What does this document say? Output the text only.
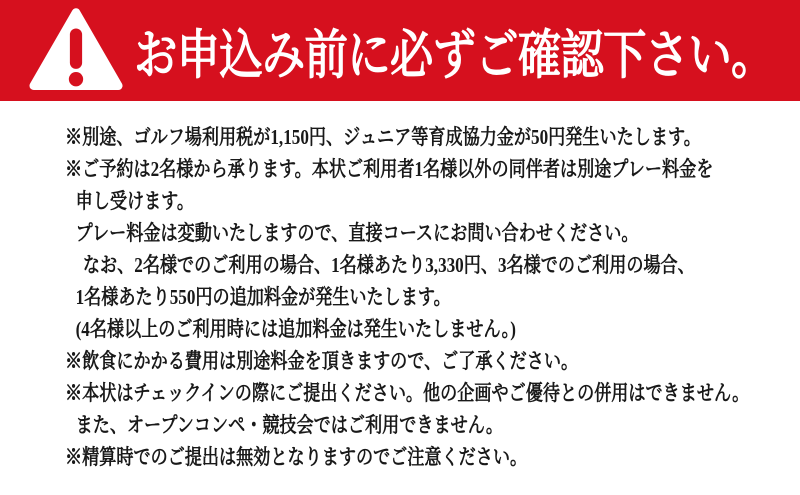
お申込み前に必ずご確認下さい。
※別途、ゴルフ場利用税が1,150円、ジュニア等育成協力金が50円発生いたします。
※ご予約は2名様から承ります。本状ご利用者1名様以外の同伴者は別途プレー料金を
申し受けます。
プレー料金は変動いたしますので、直接コースにお問い合わせください。
なお、2名様でのご利用の場合、1名様あたり3,330円、3名様でのご利用の場合、
1名様あたり550円の追加料金が発生いたします。
(4名様以上のご利用時には追加料金は発生いたしません。)
※飲食にかかる費用は別途料金を頂きますので、ご了承ください。
※本状はチェックインの際にご提出ください。他の企画やご優待との併用はできません。
また、オープンコンペ・競技会ではご利用できません。
※精算時でのご提出は無効となりますのでご注意ください。
